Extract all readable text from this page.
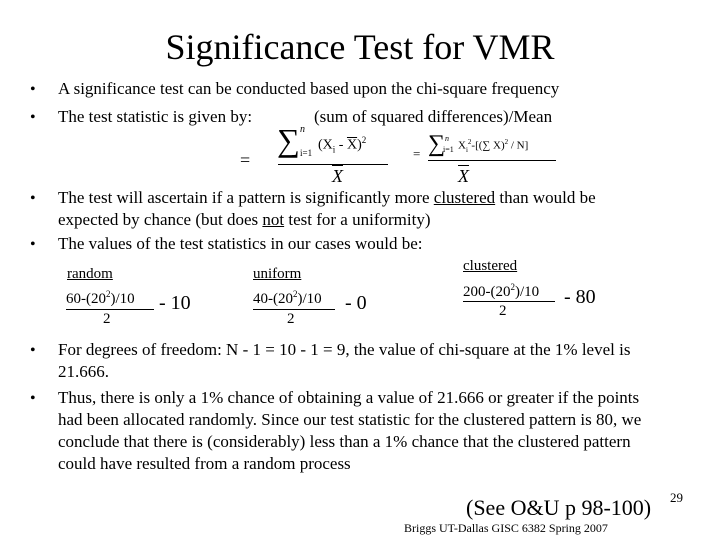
Significance Test for VMR
• A significance test can be conducted based upon the chi-square frequency
• The test statistic is given by:	(sum of squared differences)/Mean
=
∑ n
i=1
$(X_i - \overline{X})^2$
$\overline{X}$
= ∑ n
i=1 $X_i^2-[(\sum$ X)$^2$ / N]
$\overline{X}$
• The test will ascertain if a pattern is significantly more clustered than would be
expected by chance (but does not test for a uniformity)
• The values of the test statistics in our cases would be:
random
$60-(20^2)/10$
2
- 10
uniform
$40-(20^2)/10$
2
- 0
clustered
$200-(20^2)/10$
2
- 80
• For degrees of freedom: N - 1 = 10 - 1 = 9, the value of chi-square at the 1% level is
21.666.
• Thus, there is only a 1% chance of obtaining a value of 21.666 or greater if the points
had been allocated randomly. Since our test statistic for the clustered pattern is 80, we
conclude that there is (considerably) less than a 1% chance that the clustered pattern
could have resulted from a random process
(See O&U p 98-100) 29
Briggs UT-Dallas GISC 6382 Spring 2007
